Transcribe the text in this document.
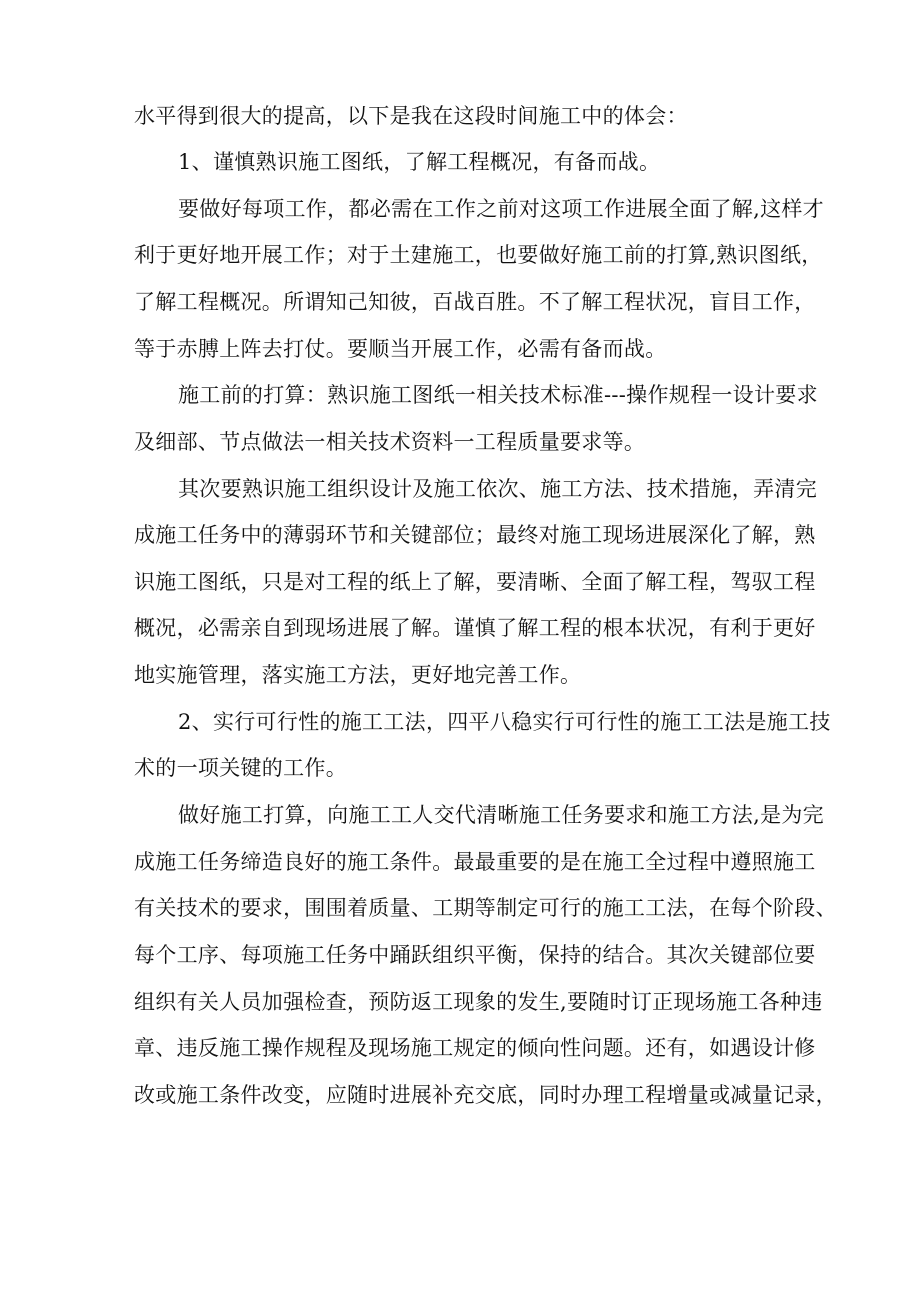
水平得到很大的提高，以下是我在这段时间施工中的体会：
1、谨慎熟识施工图纸，了解工程概况，有备而战。
要做好每项工作，都必需在工作之前对这项工作进展全面了解,这样才
利于更好地开展工作；对于土建施工，也要做好施工前的打算,熟识图纸，
了解工程概况。所谓知己知彼，百战百胜。不了解工程状况，盲目工作，
等于赤膊上阵去打仗。要顺当开展工作，必需有备而战。
施工前的打算：熟识施工图纸一相关技术标准---操作规程一设计要求
及细部、节点做法一相关技术资料一工程质量要求等。
其次要熟识施工组织设计及施工依次、施工方法、技术措施，弄清完
成施工任务中的薄弱环节和关键部位；最终对施工现场进展深化了解，熟
识施工图纸，只是对工程的纸上了解，要清晰、全面了解工程，驾驭工程
概况，必需亲自到现场进展了解。谨慎了解工程的根本状况，有利于更好
地实施管理，落实施工方法，更好地完善工作。
2、实行可行性的施工工法，四平八稳实行可行性的施工工法是施工技
术的一项关键的工作。
做好施工打算，向施工工人交代清晰施工任务要求和施工方法,是为完
成施工任务缔造良好的施工条件。最最重要的是在施工全过程中遵照施工
有关技术的要求，围围着质量、工期等制定可行的施工工法，在每个阶段、
每个工序、每项施工任务中踊跃组织平衡，保持的结合。其次关键部位要
组织有关人员加强检查，预防返工现象的发生,要随时订正现场施工各种违
章、违反施工操作规程及现场施工规定的倾向性问题。还有，如遇设计修
改或施工条件改变，应随时进展补充交底，同时办理工程增量或减量记录，
